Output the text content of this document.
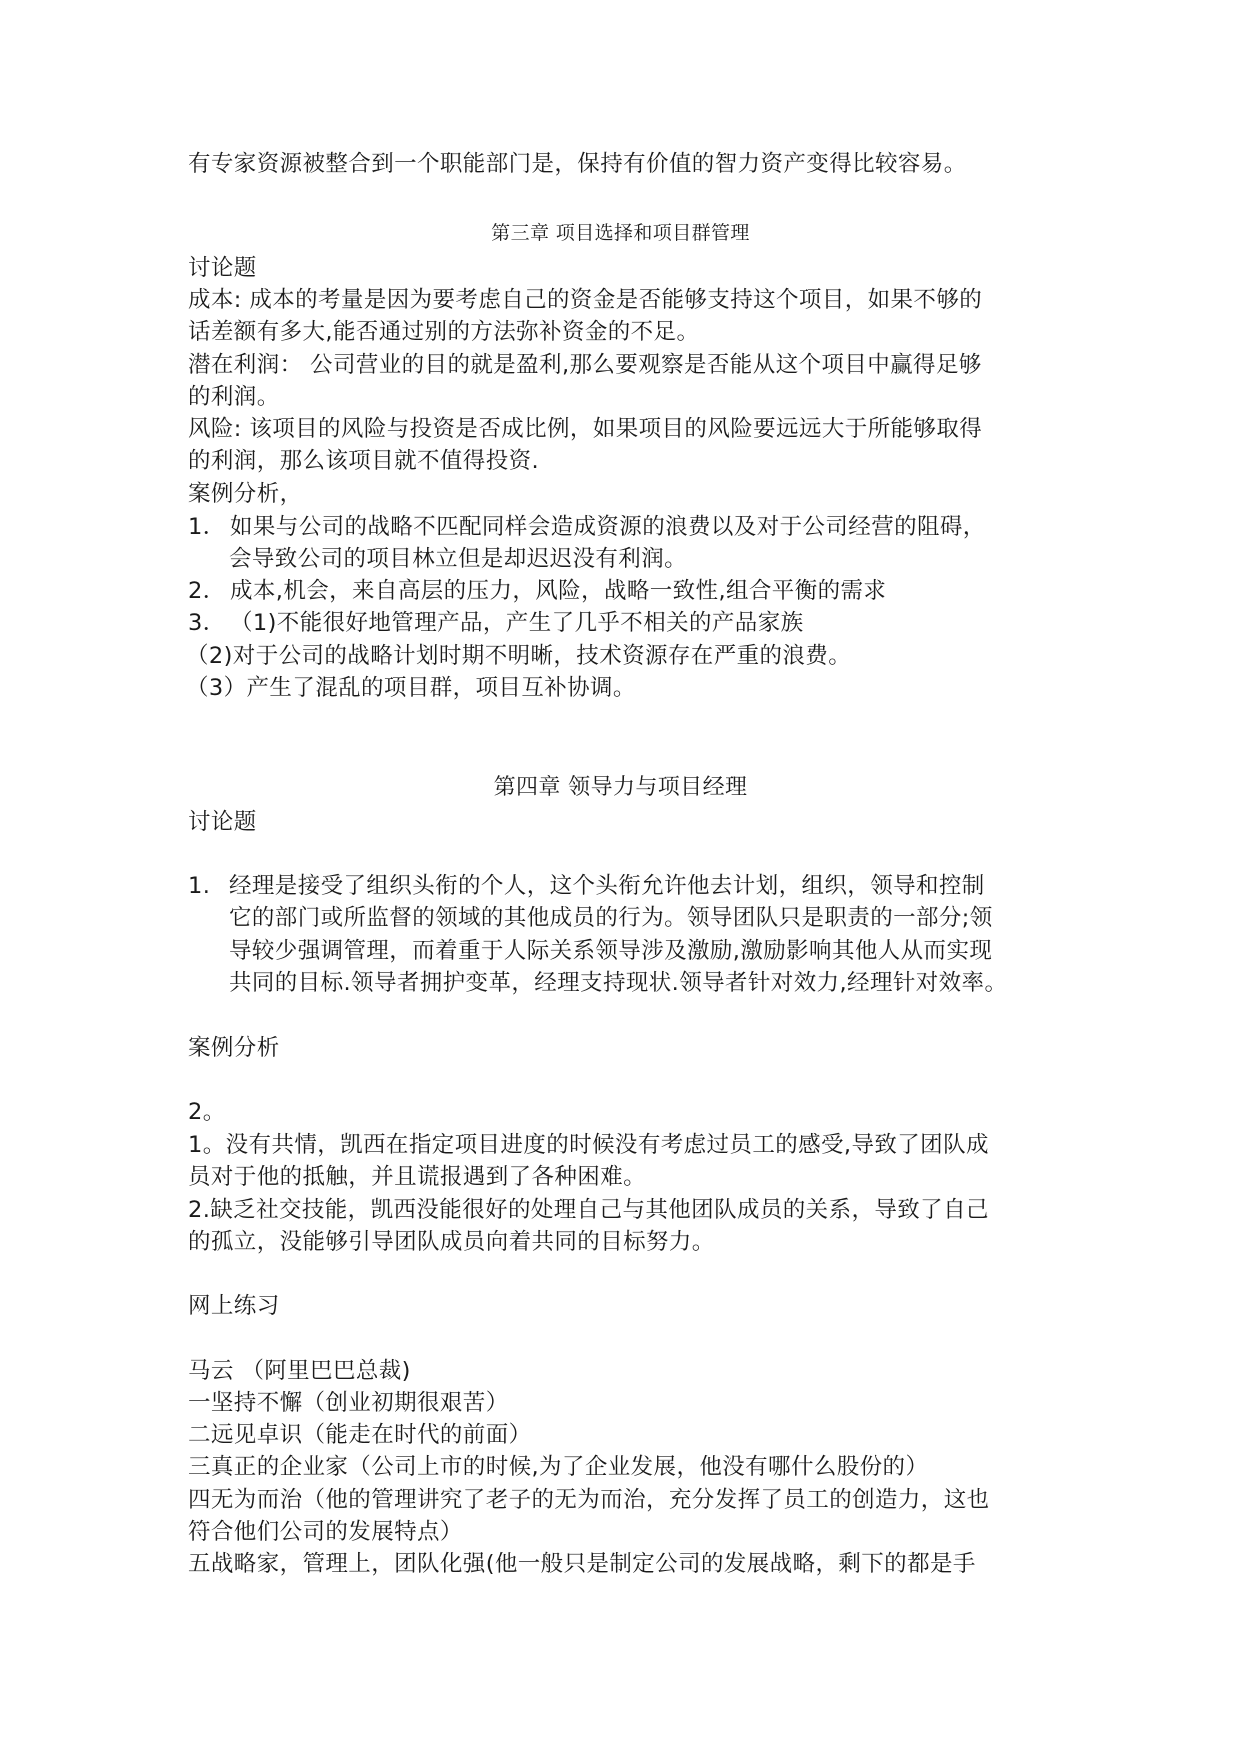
有专家资源被整合到一个职能部门是，保持有价值的智力资产变得比较容易。
第三章 项目选择和项目群管理
讨论题
成本: 成本的考量是因为要考虑自己的资金是否能够支持这个项目，如果不够的
话差额有多大,能否通过别的方法弥补资金的不足。
潜在利润： 公司营业的目的就是盈利,那么要观察是否能从这个项目中赢得足够
的利润。
风险: 该项目的风险与投资是否成比例，如果项目的风险要远远大于所能够取得
的利润，那么该项目就不值得投资.
案例分析，
1． 如果与公司的战略不匹配同样会造成资源的浪费以及对于公司经营的阻碍，
会导致公司的项目林立但是却迟迟没有利润。
2． 成本,机会，来自高层的压力，风险，战略一致性,组合平衡的需求
3． （1)不能很好地管理产品，产生了几乎不相关的产品家族
（2)对于公司的战略计划时期不明晰，技术资源存在严重的浪费。
（3）产生了混乱的项目群，项目互补协调。
第四章 领导力与项目经理
讨论题
1. 经理是接受了组织头衔的个人，这个头衔允许他去计划，组织，领导和控制
它的部门或所监督的领域的其他成员的行为。领导团队只是职责的一部分;领
导较少强调管理，而着重于人际关系领导涉及激励,激励影响其他人从而实现
共同的目标.领导者拥护变革，经理支持现状.领导者针对效力,经理针对效率。
案例分析
2。
1。没有共情，凯西在指定项目进度的时候没有考虑过员工的感受,导致了团队成
员对于他的抵触，并且谎报遇到了各种困难。
2.缺乏社交技能，凯西没能很好的处理自己与其他团队成员的关系，导致了自己
的孤立，没能够引导团队成员向着共同的目标努力。
网上练习
马云 （阿里巴巴总裁)
一坚持不懈（创业初期很艰苦）
二远见卓识（能走在时代的前面）
三真正的企业家（公司上市的时候,为了企业发展，他没有哪什么股份的）
四无为而治（他的管理讲究了老子的无为而治，充分发挥了员工的创造力，这也
符合他们公司的发展特点）
五战略家，管理上，团队化强(他一般只是制定公司的发展战略，剩下的都是手
